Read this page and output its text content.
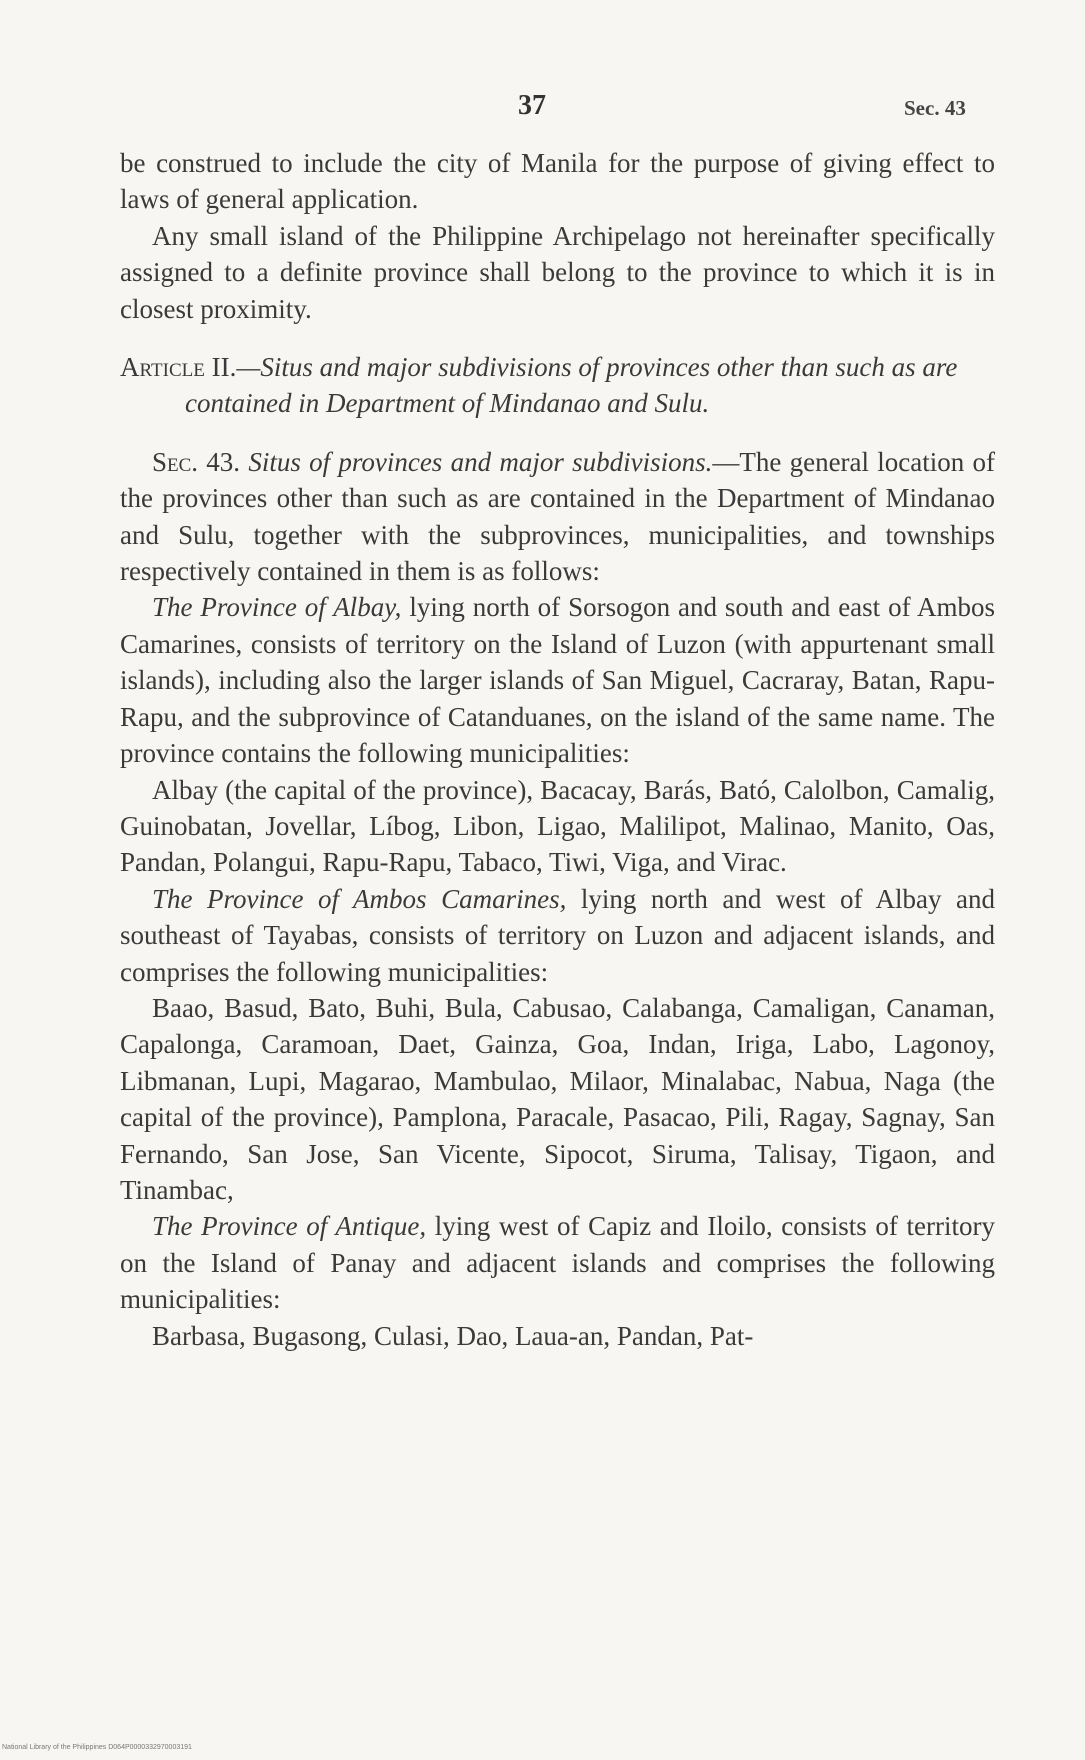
37	Sec. 43

be construed to include the city of Manila for the purpose of giving effect to laws of general application.

Any small island of the Philippine Archipelago not hereinafter specifically assigned to a definite province shall belong to the province to which it is in closest proximity.

Article II.—Situs and major subdivisions of provinces other than such as are contained in Department of Mindanao and Sulu.

Sec. 43. Situs of provinces and major subdivisions.—The general location of the provinces other than such as are contained in the Department of Mindanao and Sulu, together with the subprovinces, municipalities, and townships respectively contained in them is as follows:

The Province of Albay, lying north of Sorsogon and south and east of Ambos Camarines, consists of territory on the Island of Luzon (with appurtenant small islands), including also the larger islands of San Miguel, Cacraray, Batan, Rapu-Rapu, and the subprovince of Catanduanes, on the island of the same name. The province contains the following municipalities:

Albay (the capital of the province), Bacacay, Barás, Bató, Calolbon, Camalig, Guinobatan, Jovellar, Líbog, Libon, Ligao, Malilipot, Malinao, Manito, Oas, Pandan, Polangui, Rapu-Rapu, Tabaco, Tiwi, Viga, and Virac.

The Province of Ambos Camarines, lying north and west of Albay and southeast of Tayabas, consists of territory on Luzon and adjacent islands, and comprises the following municipalities:

Baao, Basud, Bato, Buhi, Bula, Cabusao, Calabanga, Camaligan, Canaman, Capalonga, Caramoan, Daet, Gainza, Goa, Indan, Iriga, Labo, Lagonoy, Libmanan, Lupi, Magarao, Mambulao, Milaor, Minalabac, Nabua, Naga (the capital of the province), Pamplona, Paracale, Pasacao, Pili, Ragay, Sagnay, San Fernando, San Jose, San Vicente, Sipocot, Siruma, Talisay, Tigaon, and Tinambac,

The Province of Antique, lying west of Capiz and Iloilo, consists of territory on the Island of Panay and adjacent islands and comprises the following municipalities:

Barbasa, Bugasong, Culasi, Dao, Laua-an, Pandan, Pat-

National Library of the Philippines D064P0000332970003191
